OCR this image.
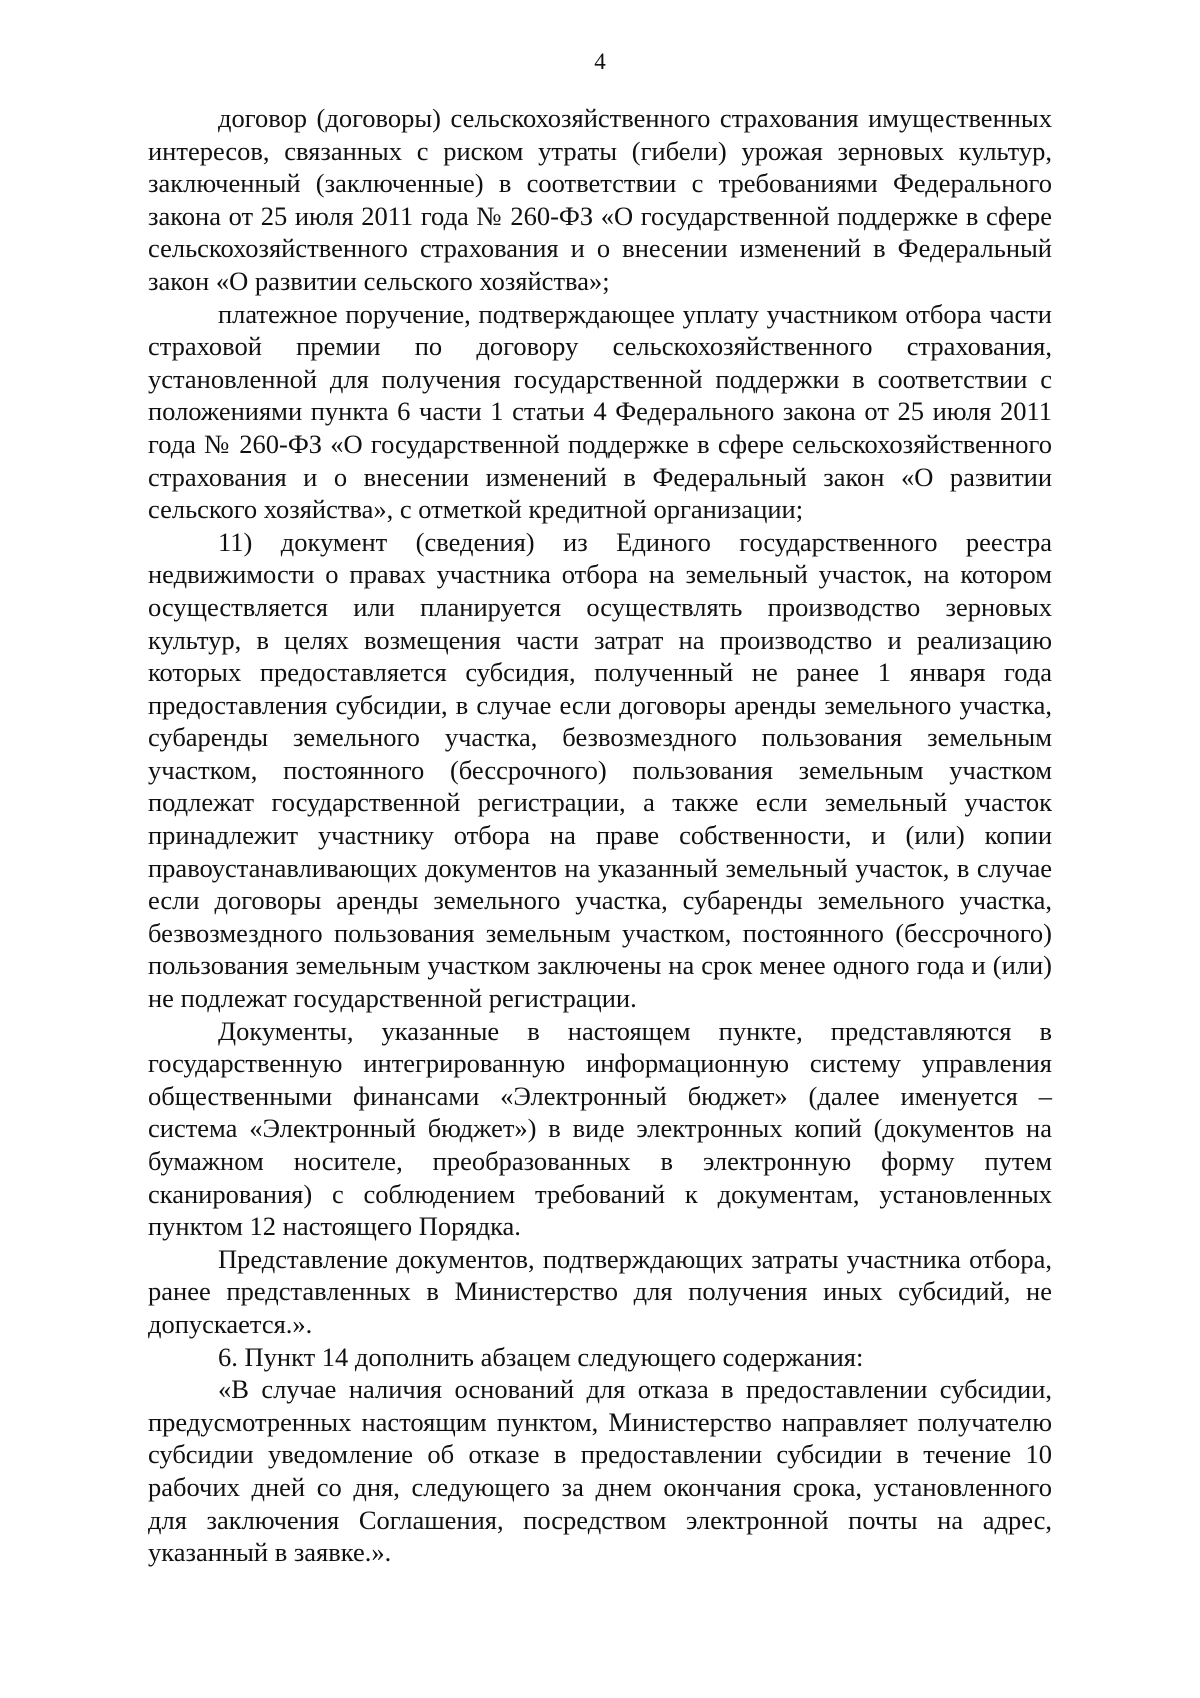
4

договор (договоры) сельскохозяйственного страхования имущественных интересов, связанных с риском утраты (гибели) урожая зерновых культур, заключенный (заключенные) в соответствии с требованиями Федерального закона от 25 июля 2011 года № 260-ФЗ «О государственной поддержке в сфере сельскохозяйственного страхования и о внесении изменений в Федеральный закон «О развитии сельского хозяйства»;

платежное поручение, подтверждающее уплату участником отбора части страховой премии по договору сельскохозяйственного страхования, установленной для получения государственной поддержки в соответствии с положениями пункта 6 части 1 статьи 4 Федерального закона от 25 июля 2011 года № 260-ФЗ «О государственной поддержке в сфере сельскохозяйственного страхования и о внесении изменений в Федеральный закон «О развитии сельского хозяйства», с отметкой кредитной организации;

11) документ (сведения) из Единого государственного реестра недвижимости о правах участника отбора на земельный участок, на котором осуществляется или планируется осуществлять производство зерновых культур, в целях возмещения части затрат на производство и реализацию которых предоставляется субсидия, полученный не ранее 1 января года предоставления субсидии, в случае если договоры аренды земельного участка, субаренды земельного участка, безвозмездного пользования земельным участком, постоянного (бессрочного) пользования земельным участком подлежат государственной регистрации, а также если земельный участок принадлежит участнику отбора на праве собственности, и (или) копии правоустанавливающих документов на указанный земельный участок, в случае если договоры аренды земельного участка, субаренды земельного участка, безвозмездного пользования земельным участком, постоянного (бессрочного) пользования земельным участком заключены на срок менее одного года и (или) не подлежат государственной регистрации.

Документы, указанные в настоящем пункте, представляются в государственную интегрированную информационную систему управления общественными финансами «Электронный бюджет» (далее именуется – система «Электронный бюджет») в виде электронных копий (документов на бумажном носителе, преобразованных в электронную форму путем сканирования) с соблюдением требований к документам, установленных пунктом 12 настоящего Порядка.

Представление документов, подтверждающих затраты участника отбора, ранее представленных в Министерство для получения иных субсидий, не допускается.».

6. Пункт 14 дополнить абзацем следующего содержания:

«В случае наличия оснований для отказа в предоставлении субсидии, предусмотренных настоящим пунктом, Министерство направляет получателю субсидии уведомление об отказе в предоставлении субсидии в течение 10 рабочих дней со дня, следующего за днем окончания срока, установленного для заключения Соглашения, посредством электронной почты на адрес, указанный в заявке.».
